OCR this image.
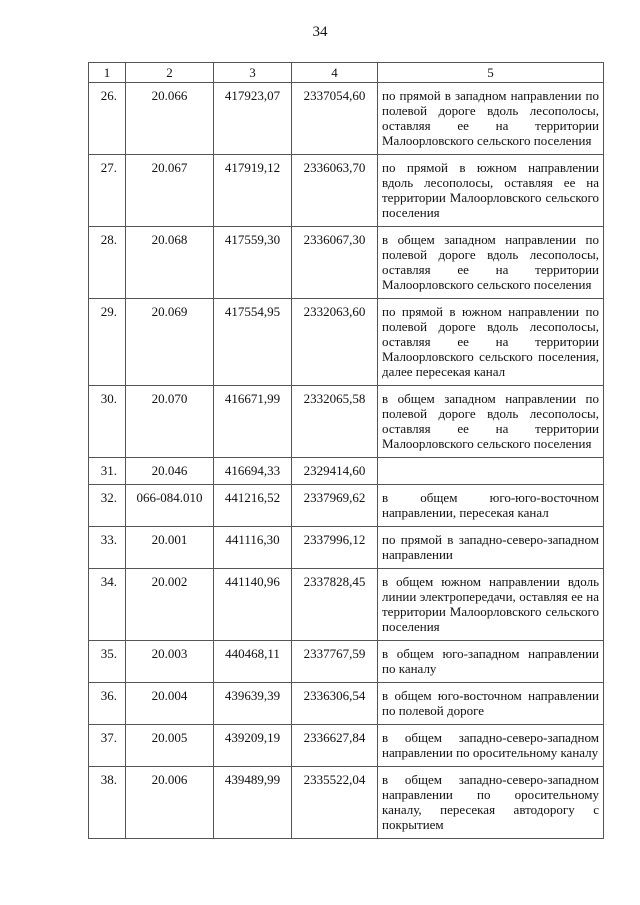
34
1	2	3	4	5
26.	20.066	417923,07	2337054,60	по прямой в западном направлении по полевой дороге вдоль лесополосы, оставляя ее на территории Малоорловского сельского поселения
27.	20.067	417919,12	2336063,70	по прямой в южном направлении вдоль лесополосы, оставляя ее на территории Малоорловского сельского поселения
28.	20.068	417559,30	2336067,30	в общем западном направлении по полевой дороге вдоль лесополосы, оставляя ее на территории Малоорловского сельского поселения
29.	20.069	417554,95	2332063,60	по прямой в южном направлении по полевой дороге вдоль лесополосы, оставляя ее на территории Малоорловского сельского поселения, далее пересекая канал
30.	20.070	416671,99	2332065,58	в общем западном направлении по полевой дороге вдоль лесополосы, оставляя ее на территории Малоорловского сельского поселения
31.	20.046	416694,33	2329414,60	
32.	066-084.010	441216,52	2337969,62	в общем юго-юго-восточном направлении, пересекая канал
33.	20.001	441116,30	2337996,12	по прямой в западно-северо-западном направлении
34.	20.002	441140,96	2337828,45	в общем южном направлении вдоль линии электропередачи, оставляя ее на территории Малоорловского сельского поселения
35.	20.003	440468,11	2337767,59	в общем юго-западном направлении по каналу
36.	20.004	439639,39	2336306,54	в общем юго-восточном направлении по полевой дороге
37.	20.005	439209,19	2336627,84	в общем западно-северо-западном направлении по оросительному каналу
38.	20.006	439489,99	2335522,04	в общем западно-северо-западном направлении по оросительному каналу, пересекая автодорогу с покрытием
